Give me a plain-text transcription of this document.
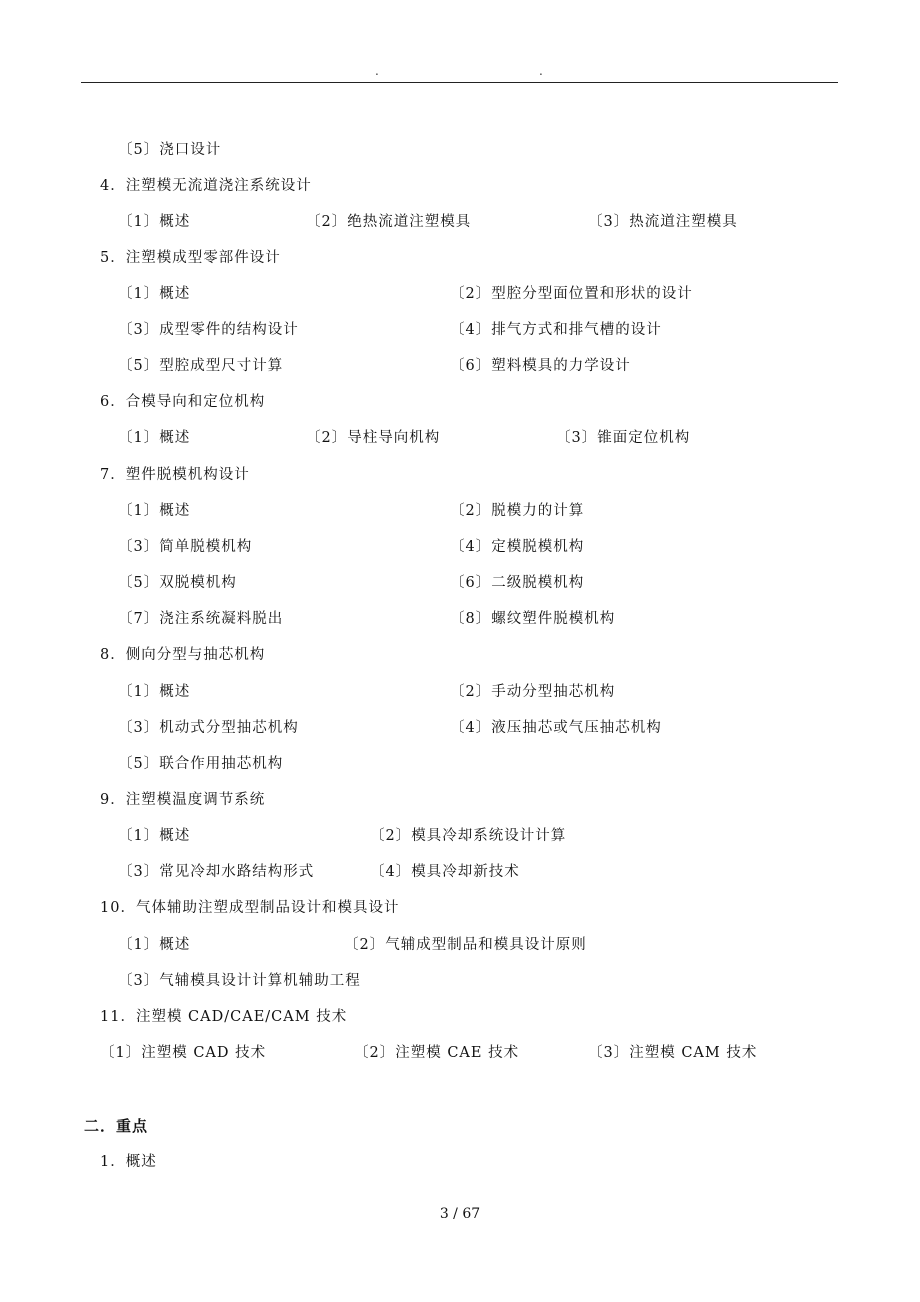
.	.
〔5〕浇口设计
4．注塑模无流道浇注系统设计
〔1〕概述	〔2〕绝热流道注塑模具	〔3〕热流道注塑模具
5．注塑模成型零部件设计
〔1〕概述	〔2〕型腔分型面位置和形状的设计
〔3〕成型零件的结构设计	〔4〕排气方式和排气槽的设计
〔5〕型腔成型尺寸计算	〔6〕塑料模具的力学设计
6．合模导向和定位机构
〔1〕概述	〔2〕导柱导向机构	〔3〕锥面定位机构
7．塑件脱模机构设计
〔1〕概述	〔2〕脱模力的计算
〔3〕简单脱模机构	〔4〕定模脱模机构
〔5〕双脱模机构	〔6〕二级脱模机构
〔7〕浇注系统凝料脱出	〔8〕螺纹塑件脱模机构
8．侧向分型与抽芯机构
〔1〕概述	〔2〕手动分型抽芯机构
〔3〕机动式分型抽芯机构	〔4〕液压抽芯或气压抽芯机构
〔5〕联合作用抽芯机构
9．注塑模温度调节系统
〔1〕概述	〔2〕模具冷却系统设计计算
〔3〕常见冷却水路结构形式	〔4〕模具冷却新技术
10．气体辅助注塑成型制品设计和模具设计
〔1〕概述	〔2〕气辅成型制品和模具设计原则
〔3〕气辅模具设计计算机辅助工程
11．注塑模 CAD/CAE/CAM 技术
〔1〕注塑模 CAD 技术	〔2〕注塑模 CAE 技术	〔3〕注塑模 CAM 技术
二．重点
1．概述
3 / 67
